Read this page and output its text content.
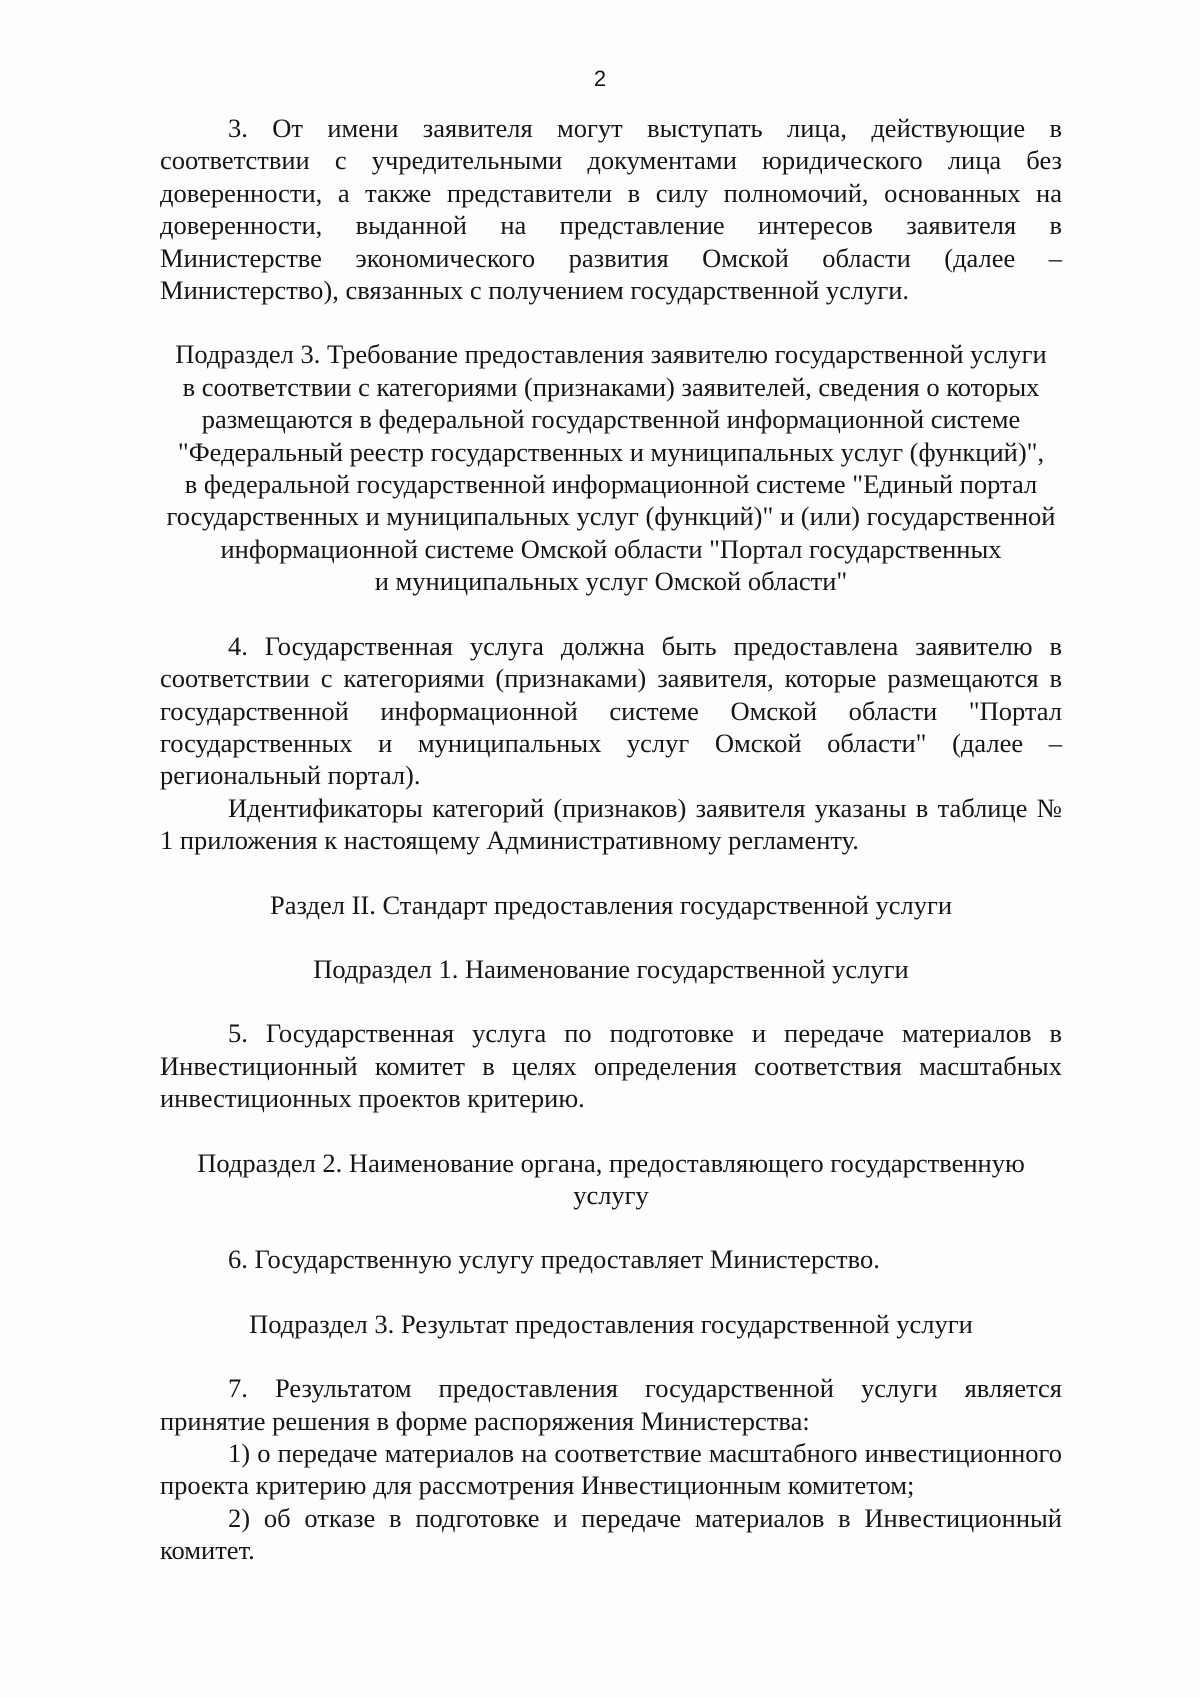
2

3. От имени заявителя могут выступать лица, действующие в соответствии с учредительными документами юридического лица без доверенности, а также представители в силу полномочий, основанных на доверенности, выданной на представление интересов заявителя в Министерстве экономического развития Омской области (далее – Министерство), связанных с получением государственной услуги.

Подраздел 3. Требование предоставления заявителю государственной услуги
в соответствии с категориями (признаками) заявителей, сведения о которых
размещаются в федеральной государственной информационной системе
"Федеральный реестр государственных и муниципальных услуг (функций)",
в федеральной государственной информационной системе "Единый портал
государственных и муниципальных услуг (функций)" и (или) государственной
информационной системе Омской области "Портал государственных
и муниципальных услуг Омской области"

4. Государственная услуга должна быть предоставлена заявителю в соответствии с категориями (признаками) заявителя, которые размещаются в государственной информационной системе Омской области "Портал государственных и муниципальных услуг Омской области" (далее – региональный портал).

Идентификаторы категорий (признаков) заявителя указаны в таблице № 1 приложения к настоящему Административному регламенту.

Раздел II. Стандарт предоставления государственной услуги

Подраздел 1. Наименование государственной услуги

5. Государственная услуга по подготовке и передаче материалов в Инвестиционный комитет в целях определения соответствия масштабных инвестиционных проектов критерию.

Подраздел 2. Наименование органа, предоставляющего государственную
услугу

6. Государственную услугу предоставляет Министерство.

Подраздел 3. Результат предоставления государственной услуги

7. Результатом предоставления государственной услуги является принятие решения в форме распоряжения Министерства:

1) о передаче материалов на соответствие масштабного инвестиционного проекта критерию для рассмотрения Инвестиционным комитетом;

2) об отказе в подготовке и передаче материалов в Инвестиционный комитет.
